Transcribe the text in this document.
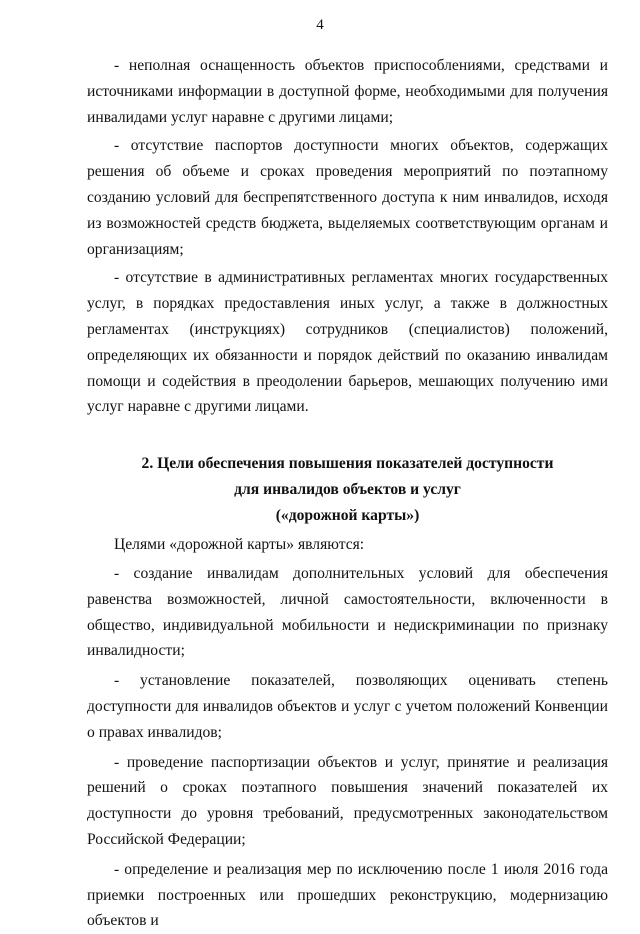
4

- неполная оснащенность объектов приспособлениями, средствами и источниками информации в доступной форме, необходимыми для получения инвалидами услуг наравне с другими лицами;

- отсутствие паспортов доступности многих объектов, содержащих решения об объеме и сроках проведения мероприятий по поэтапному созданию условий для беспрепятственного доступа к ним инвалидов, исходя из возможностей средств бюджета, выделяемых соответствующим органам и организациям;

- отсутствие в административных регламентах многих государственных услуг, в порядках предоставления иных услуг, а также в должностных регламентах (инструкциях) сотрудников (специалистов) положений, определяющих их обязанности и порядок действий по оказанию инвалидам помощи и содействия в преодолении барьеров, мешающих получению ими услуг наравне с другими лицами.

2. Цели обеспечения повышения показателей доступности
для инвалидов объектов и услуг
(«дорожной карты»)

Целями «дорожной карты» являются:

- создание инвалидам дополнительных условий для обеспечения равенства возможностей, личной самостоятельности, включенности в общество, индивидуальной мобильности и недискриминации по признаку инвалидности;

- установление показателей, позволяющих оценивать степень доступности для инвалидов объектов и услуг с учетом положений Конвенции о правах инвалидов;

- проведение паспортизации объектов и услуг, принятие и реализация решений о сроках поэтапного повышения значений показателей их доступности до уровня требований, предусмотренных законодательством Российской Федерации;

- определение и реализация мер по исключению после 1 июля 2016 года приемки построенных или прошедших реконструкцию, модернизацию объектов и
